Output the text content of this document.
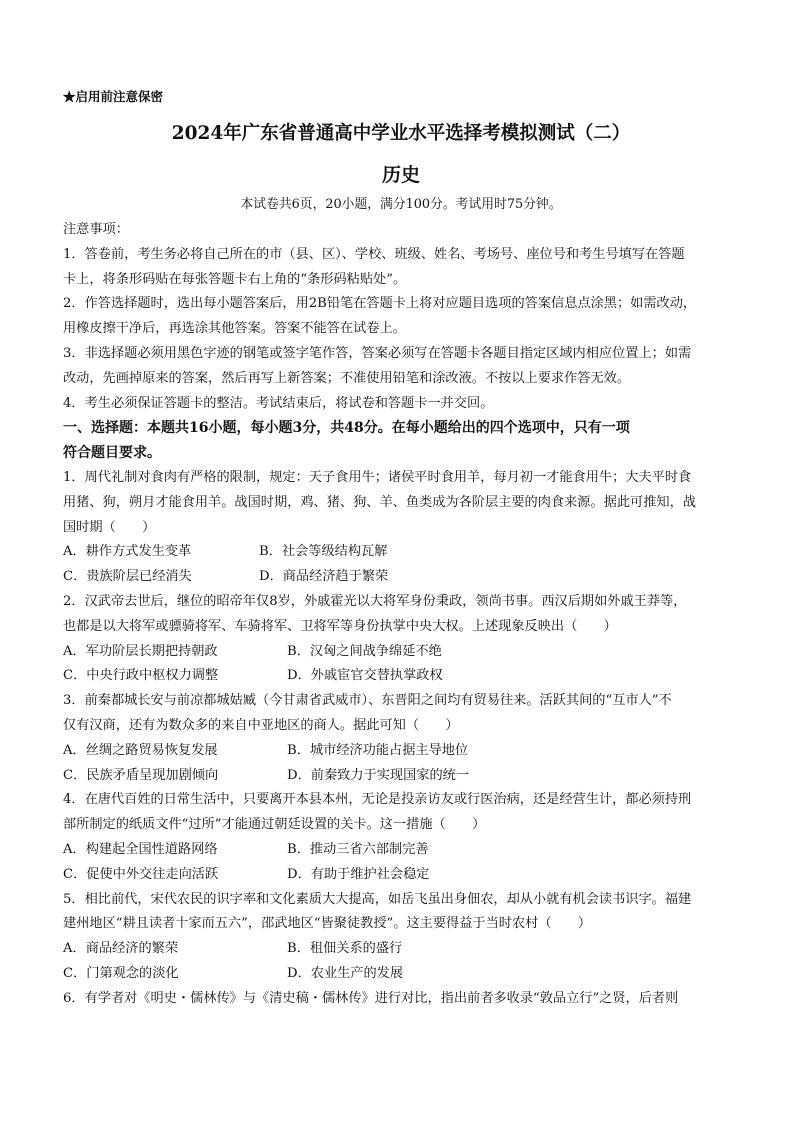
★启用前注意保密
2024年广东省普通高中学业水平选择考模拟测试（二）
历史
本试卷共6页，20小题，满分100分。考试用时75分钟。

注意事项：

1．答卷前，考生务必将自己所在的市（县、区）、学校、班级、姓名、考场号、座位号和考生号填写在答题

卡上，将条形码贴在每张答题卡右上角的“条形码粘贴处”。

2．作答选择题时，选出每小题答案后，用2B铅笔在答题卡上将对应题目选项的答案信息点涂黑；如需改动，

用橡皮擦干净后，再选涂其他答案。答案不能答在试卷上。

3．非选择题必须用黑色字迹的钢笔或签字笔作答，答案必须写在答题卡各题目指定区域内相应位置上；如需

改动，先画掉原来的答案，然后再写上新答案；不准使用铅笔和涂改液。不按以上要求作答无效。

4．考生必须保证答题卡的整洁。考试结束后，将试卷和答题卡一并交回。

一、选择题：本题共16小题，每小题3分，共48分。在每小题给出的四个选项中，只有一项

符合题目要求。

1．周代礼制对食肉有严格的限制，规定：天子食用牛；诸侯平时食用羊，每月初一才能食用牛；大夫平时食

用猪、狗，朔月才能食用羊。战国时期，鸡、猪、狗、羊、鱼类成为各阶层主要的肉食来源。据此可推知，战

国时期（　　）

A．耕作方式发生变革	B．社会等级结构瓦解
C．贵族阶层已经消失	D．商品经济趋于繁荣

2．汉武帝去世后，继位的昭帝年仅8岁，外戚霍光以大将军身份秉政，领尚书事。西汉后期如外戚王莽等，

也都是以大将军或骠骑将军、车骑将军、卫将军等身份执掌中央大权。上述现象反映出（　　）

A．军功阶层长期把持朝政	B．汉匈之间战争绵延不绝
C．中央行政中枢权力调整	D．外戚宦官交替执掌政权

3．前秦都城长安与前凉都城姑臧（今甘肃省武威市）、东晋阳之间均有贸易往来。活跃其间的“互市人”不

仅有汉商，还有为数众多的来自中亚地区的商人。据此可知（　　）

A．丝绸之路贸易恢复发展	B．城市经济功能占据主导地位
C．民族矛盾呈现加剧倾向	D．前秦致力于实现国家的统一

4．在唐代百姓的日常生活中，只要离开本县本州，无论是投亲访友或行医治病，还是经营生计，都必须持刑

部所制定的纸质文件“过所”才能通过朝廷设置的关卡。这一措施（　　）

A．构建起全国性道路网络	B．推动三省六部制完善
C．促使中外交往走向活跃	D．有助于维护社会稳定

5．相比前代，宋代农民的识字率和文化素质大大提高，如岳飞虽出身佃农，却从小就有机会读书识字。福建

建州地区“耕且读者十家而五六”，邵武地区“皆聚徒教授”。这主要得益于当时农村（　　）

A．商品经济的繁荣	B．租佃关系的盛行
C．门第观念的淡化	D．农业生产的发展

6．有学者对《明史・儒林传》与《清史稿・儒林传》进行对比，指出前者多收录“敦品立行”之贤，后者则
